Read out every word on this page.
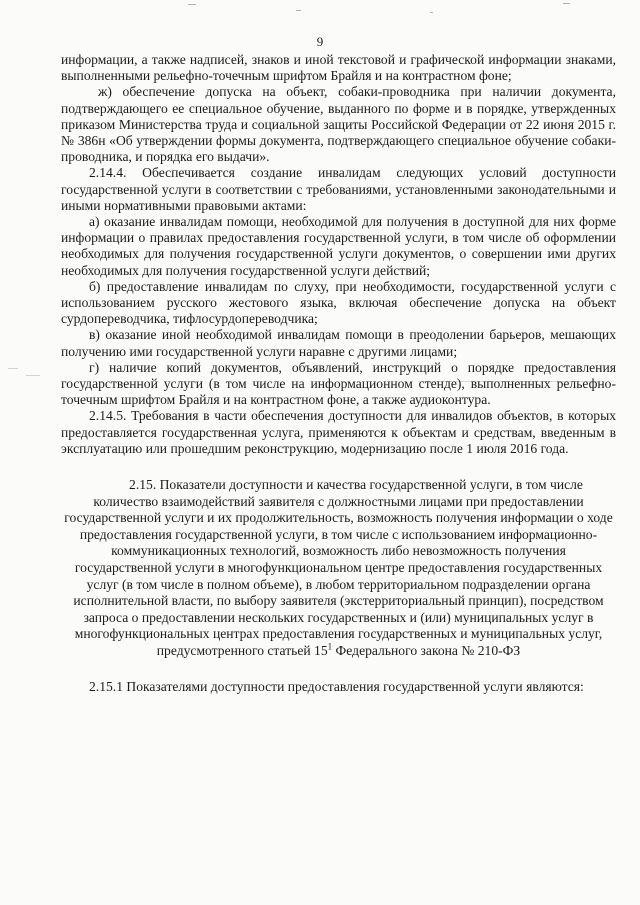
9

информации, а также надписей, знаков и иной текстовой и графической информации знаками, выполненными рельефно-точечным шрифтом Брайля и на контрастном фоне;

ж) обеспечение допуска на объект, собаки-проводника при наличии документа, подтверждающего ее специальное обучение, выданного по форме и в порядке, утвержденных приказом Министерства труда и социальной защиты Российской Федерации от 22 июня 2015 г. № 386н «Об утверждении формы документа, подтверждающего специальное обучение собаки-проводника, и порядка его выдачи».

2.14.4. Обеспечивается создание инвалидам следующих условий доступности государственной услуги в соответствии с требованиями, установленными законодательными и иными нормативными правовыми актами:

а) оказание инвалидам помощи, необходимой для получения в доступной для них форме информации о правилах предоставления государственной услуги, в том числе об оформлении необходимых для получения государственной услуги документов, о совершении ими других необходимых для получения государственной услуги действий;

б) предоставление инвалидам по слуху, при необходимости, государственной услуги с использованием русского жестового языка, включая обеспечение допуска на объект сурдопереводчика, тифлосурдопереводчика;

в) оказание иной необходимой инвалидам помощи в преодолении барьеров, мешающих получению ими государственной услуги наравне с другими лицами;

г) наличие копий документов, объявлений, инструкций о порядке предоставления государственной услуги (в том числе на информационном стенде), выполненных рельефно-точечным шрифтом Брайля и на контрастном фоне, а также аудиоконтура.

2.14.5. Требования в части обеспечения доступности для инвалидов объектов, в которых предоставляется государственная услуга, применяются к объектам и средствам, введенным в эксплуатацию или прошедшим реконструкцию, модернизацию после 1 июля 2016 года.

2.15. Показатели доступности и качества государственной услуги, в том числе количество взаимодействий заявителя с должностными лицами при предоставлении государственной услуги и их продолжительность, возможность получения информации о ходе предоставления государственной услуги, в том числе с использованием информационно-коммуникационных технологий, возможность либо невозможность получения государственной услуги в многофункциональном центре предоставления государственных услуг (в том числе в полном объеме), в любом территориальном подразделении органа исполнительной власти, по выбору заявителя (экстерриториальный принцип), посредством запроса о предоставлении нескольких государственных и (или) муниципальных услуг в многофункциональных центрах предоставления государственных и муниципальных услуг, предусмотренного статьей $15^1$ Федерального закона № 210-ФЗ

2.15.1 Показателями доступности предоставления государственной услуги являются:
